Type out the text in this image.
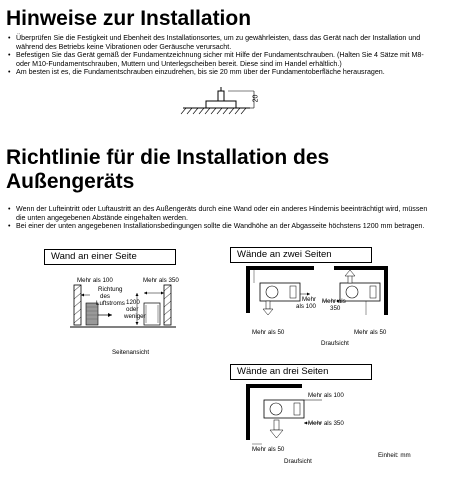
Hinweise zur Installation
• Überprüfen Sie die Festigkeit und Ebenheit des Installationsortes, um zu gewährleisten, dass das Gerät nach der Installation und während des Betriebs keine Vibrationen oder Geräusche verursacht.
• Befestigen Sie das Gerät gemäß der Fundamentzeichnung sicher mit Hilfe der Fundamentschrauben. (Halten Sie 4 Sätze mit M8- oder M10-Fundamentschrauben, Muttern und Unterlegscheiben bereit. Diese sind im Handel erhältlich.)
• Am besten ist es, die Fundamentschrauben einzudrehen, bis sie 20 mm über der Fundamentoberfläche herausragen.
20
Richtlinie für die Installation des
Außengeräts
• Wenn der Lufteintritt oder Luftaustritt an des Außengeräts durch eine Wand oder ein anderes Hindernis beeinträchtigt wird, müssen die unten angegebenen Abstände eingehalten werden.
• Bei einer der unten angegebenen Installationsbedingungen sollte die Wandhöhe an der Abgasseite höchstens 1200 mm betragen.
Wand an einer Seite
Mehr als 100
Richtung
des
Luftstroms
Mehr als 350
1200
oder
weniger
Seitenansicht
Wände an zwei Seiten
Mehr
als 100
Mehr als
350
Mehr als 50	Mehr als 50
Draufsicht
Wände an drei Seiten
Mehr als 100
Mehr als 350
Mehr als 50
Draufsicht
Einheit: mm
